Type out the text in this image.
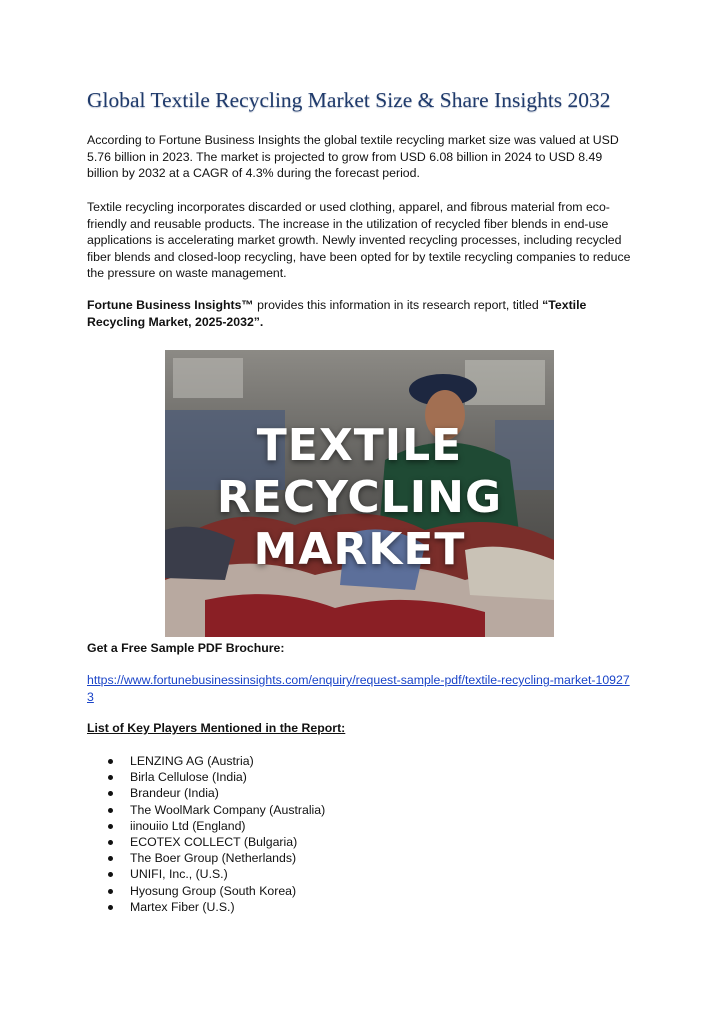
Global Textile Recycling Market Size & Share Insights 2032

According to Fortune Business Insights the global textile recycling market size was valued at USD 5.76 billion in 2023. The market is projected to grow from USD 6.08 billion in 2024 to USD 8.49 billion by 2032 at a CAGR of 4.3% during the forecast period.

Textile recycling incorporates discarded or used clothing, apparel, and fibrous material from eco-friendly and reusable products. The increase in the utilization of recycled fiber blends in end-use applications is accelerating market growth. Newly invented recycling processes, including recycled fiber blends and closed-loop recycling, have been opted for by textile recycling companies to reduce the pressure on waste management.

Fortune Business Insights™ provides this information in its research report, titled “Textile Recycling Market, 2025-2032”.

TEXTILE
RECYCLING
MARKET

Get a Free Sample PDF Brochure:

https://www.fortunebusinessinsights.com/enquiry/request-sample-pdf/textile-recycling-market-109273

List of Key Players Mentioned in the Report:

LENZING AG (Austria)
Birla Cellulose (India)
Brandeur (India)
The WoolMark Company (Australia)
iinouiio Ltd (England)
ECOTEX COLLECT (Bulgaria)
The Boer Group (Netherlands)
UNIFI, Inc., (U.S.)
Hyosung Group (South Korea)
Martex Fiber (U.S.)
